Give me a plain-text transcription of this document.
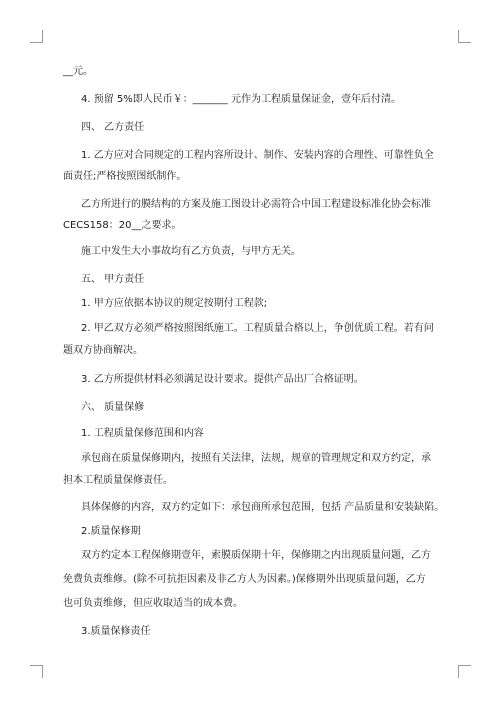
__元。
4. 预留 5%即人民币￥：_______ 元作为工程质量保证金，壹年后付清。
四、 乙方责任
1. 乙方应对合同规定的工程内容所设计、制作、安装内容的合理性、可靠性负全
面责任;严格按照图纸制作。
乙方所进行的膜结构的方案及施工图设计必需符合中国工程建设标准化协会标准
CECS158：20__之要求。
施工中发生大小事故均有乙方负责，与甲方无关。
五、 甲方责任
1. 甲方应依据本协议的规定按期付工程款;
2. 甲乙双方必须严格按照图纸施工。工程质量合格以上，争创优质工程。若有问
题双方协商解决。
3. 乙方所提供材料必须满足设计要求。提供产品出厂合格证明。
六、 质量保修
1. 工程质量保修范围和内容
承包商在质量保修期内，按照有关法律，法规，规章的管理规定和双方约定，承
担本工程质量保修责任。
具体保修的内容，双方约定如下：承包商所承包范围，包括 产品质量和安装缺陷。
2.质量保修期
双方约定本工程保修期壹年，索膜质保期十年，保修期之内出现质量问题，乙方
免费负责维修。(除不可抗拒因素及非乙方人为因素。)保修期外出现质量问题，乙方
也可负责维修，但应收取适当的成本费。
3.质量保修责任
